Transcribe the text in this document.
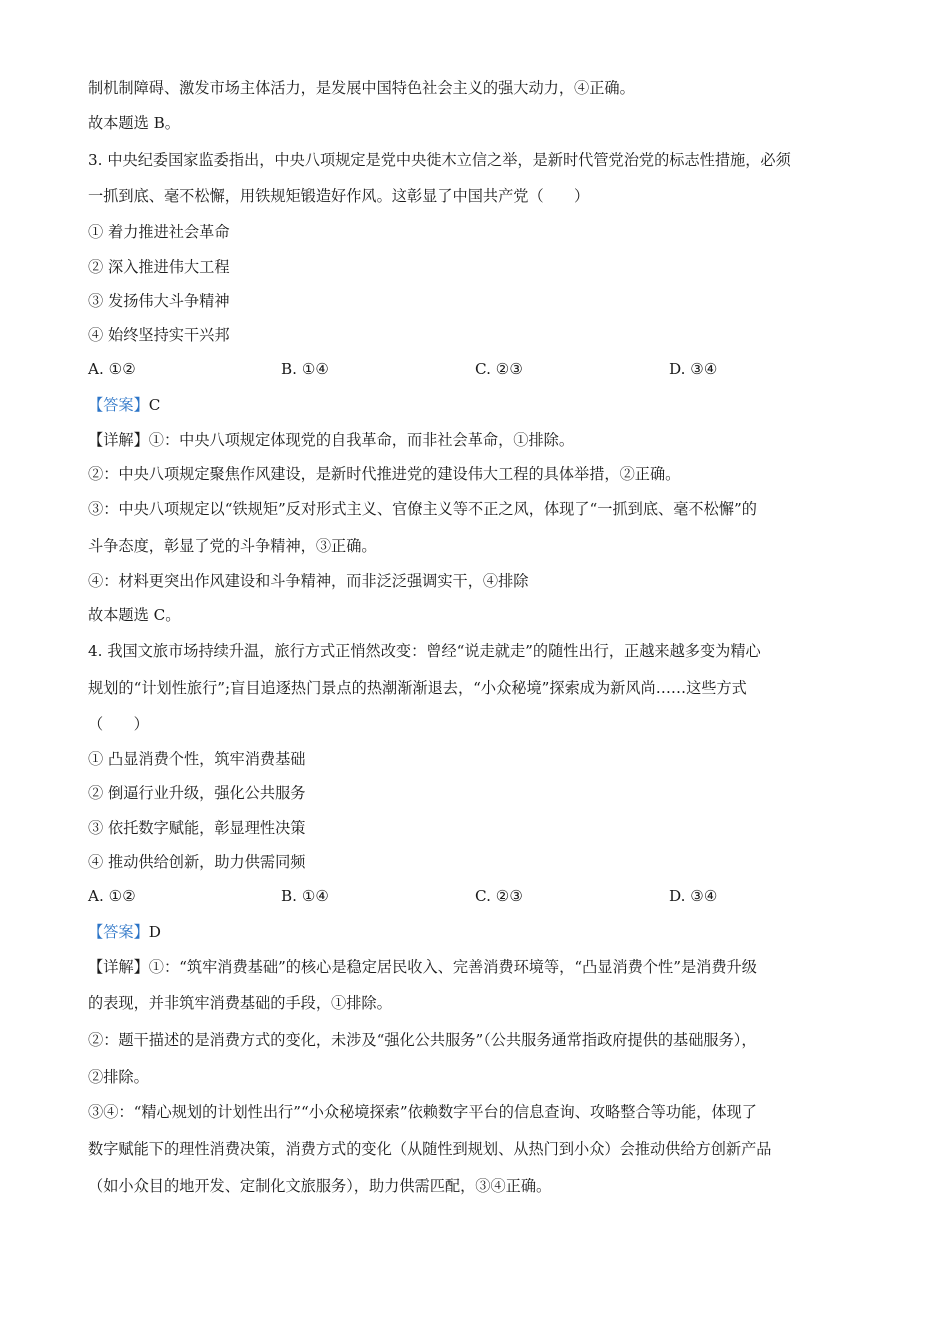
制机制障碍、激发市场主体活力，是发展中国特色社会主义的强大动力，④正确。

故本题选 B。

3. 中央纪委国家监委指出，中央八项规定是党中央徙木立信之举，是新时代管党治党的标志性措施，必须

一抓到底、毫不松懈，用铁规矩锻造好作风。这彰显了中国共产党（　　）

① 着力推进社会革命

② 深入推进伟大工程

③ 发扬伟大斗争精神

④ 始终坚持实干兴邦

A. ①②	B. ①④	C. ②③	D. ③④

【答案】C

【详解】①：中央八项规定体现党的自我革命，而非社会革命，①排除。

②：中央八项规定聚焦作风建设，是新时代推进党的建设伟大工程的具体举措，②正确。

③：中央八项规定以“铁规矩”反对形式主义、官僚主义等不正之风，体现了“一抓到底、毫不松懈”的

斗争态度，彰显了党的斗争精神，③正确。

④：材料更突出作风建设和斗争精神，而非泛泛强调实干，④排除

故本题选 C。

4. 我国文旅市场持续升温，旅行方式正悄然改变：曾经“说走就走”的随性出行，正越来越多变为精心

规划的“计划性旅行”;盲目追逐热门景点的热潮渐渐退去，“小众秘境”探索成为新风尚……这些方式

（　　）

① 凸显消费个性，筑牢消费基础

② 倒逼行业升级，强化公共服务

③ 依托数字赋能，彰显理性决策

④ 推动供给创新，助力供需同频

A. ①②	B. ①④	C. ②③	D. ③④

【答案】D

【详解】①：“筑牢消费基础”的核心是稳定居民收入、完善消费环境等，“凸显消费个性”是消费升级

的表现，并非筑牢消费基础的手段，①排除。

②：题干描述的是消费方式的变化，未涉及“强化公共服务”（公共服务通常指政府提供的基础服务），

②排除。

③④：“精心规划的计划性出行”“小众秘境探索”依赖数字平台的信息查询、攻略整合等功能，体现了

数字赋能下的理性消费决策，消费方式的变化（从随性到规划、从热门到小众）会推动供给方创新产品

（如小众目的地开发、定制化文旅服务），助力供需匹配，③④正确。
